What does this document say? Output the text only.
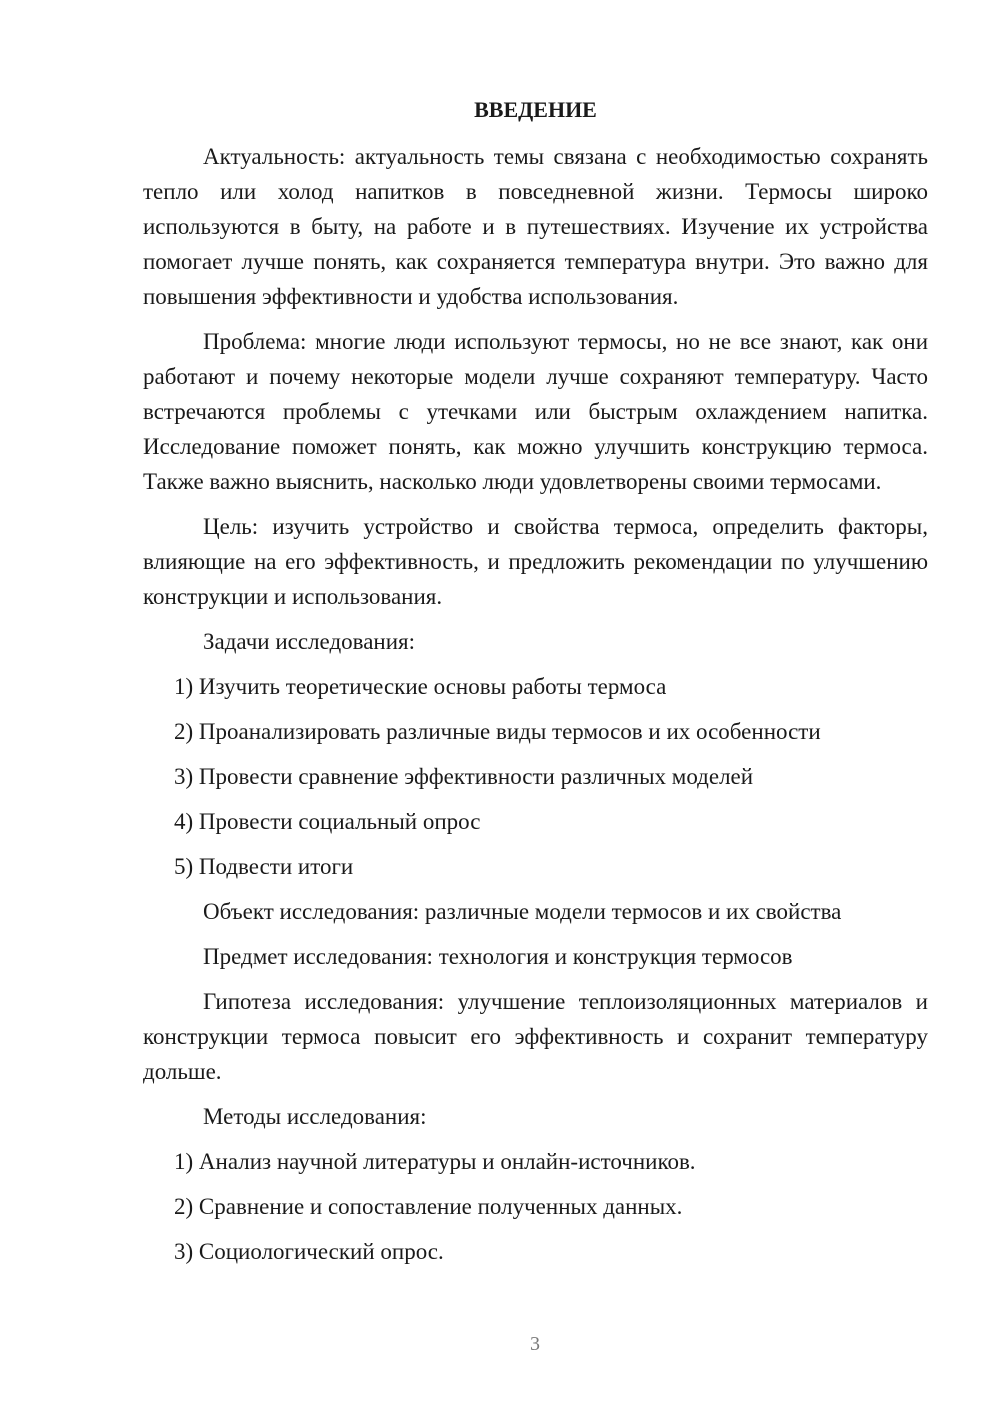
ВВЕДЕНИЕ

Актуальность: актуальность темы связана с необходимостью сохранять тепло или холод напитков в повседневной жизни. Термосы широко используются в быту, на работе и в путешествиях. Изучение их устройства помогает лучше понять, как сохраняется температура внутри. Это важно для повышения эффективности и удобства использования.

Проблема: многие люди используют термосы, но не все знают, как они работают и почему некоторые модели лучше сохраняют температуру. Часто встречаются проблемы с утечками или быстрым охлаждением напитка. Исследование поможет понять, как можно улучшить конструкцию термоса. Также важно выяснить, насколько люди удовлетворены своими термосами.

Цель: изучить устройство и свойства термоса, определить факторы, влияющие на его эффективность, и предложить рекомендации по улучшению конструкции и использования.

Задачи исследования:

1) Изучить теоретические основы работы термоса

2) Проанализировать различные виды термосов и их особенности

3) Провести сравнение эффективности различных моделей

4) Провести социальный опрос

5) Подвести итоги

Объект исследования: различные модели термосов и их свойства

Предмет исследования: технология и конструкция термосов

Гипотеза исследования: улучшение теплоизоляционных материалов и конструкции термоса повысит его эффективность и сохранит температуру дольше.

Методы исследования:

1) Анализ научной литературы и онлайн-источников.

2) Сравнение и сопоставление полученных данных.

3) Социологический опрос.

3
